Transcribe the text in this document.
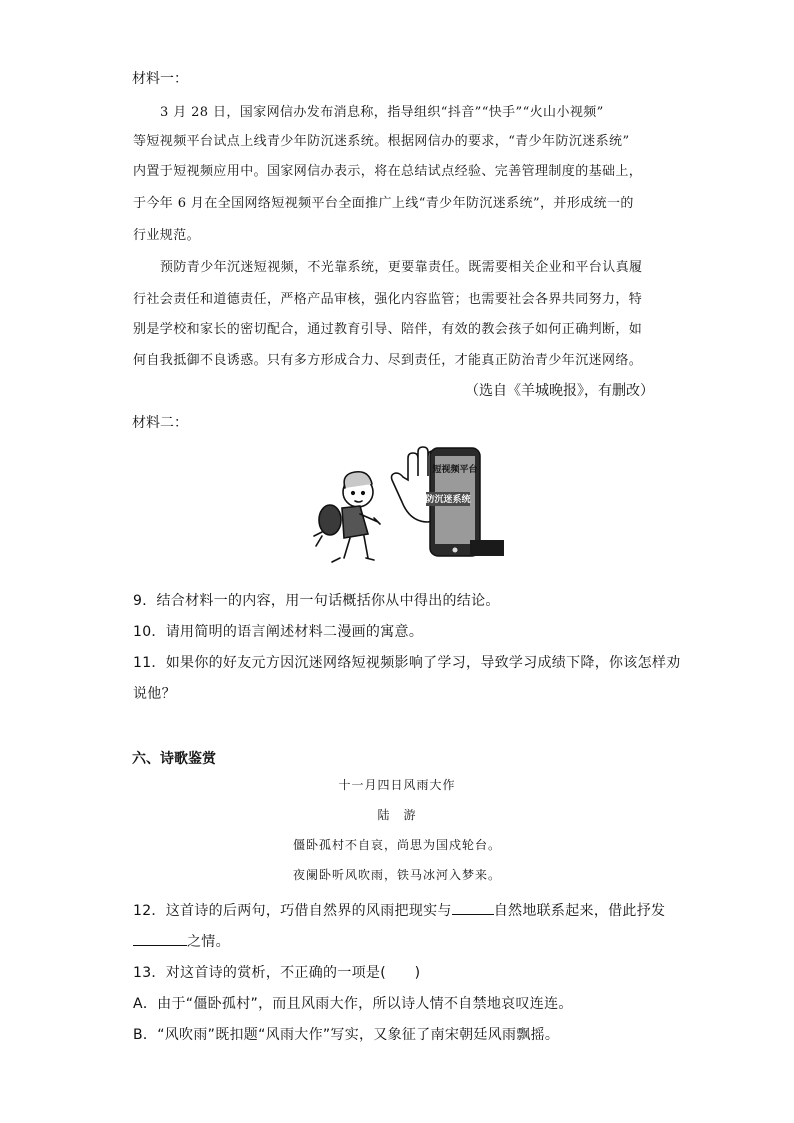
材料一：
3 月 28 日，国家网信办发布消息称，指导组织“抖音”“快手”“火山小视频”
等短视频平台试点上线青少年防沉迷系统。根据网信办的要求，“青少年防沉迷系统”
内置于短视频应用中。国家网信办表示，将在总结试点经验、完善管理制度的基础上，
于今年 6 月在全国网络短视频平台全面推广上线“青少年防沉迷系统”，并形成统一的
行业规范。
预防青少年沉迷短视频，不光靠系统，更要靠责任。既需要相关企业和平台认真履
行社会责任和道德责任，严格产品审核，强化内容监管；也需要社会各界共同努力，特
别是学校和家长的密切配合，通过教育引导、陪伴，有效的教会孩子如何正确判断，如
何自我抵御不良诱惑。只有多方形成合力、尽到责任，才能真正防治青少年沉迷网络。
（选自《羊城晚报》，有删改）
材料二：
短视频平台
防沉迷系统
9．结合材料一的内容，用一句话概括你从中得出的结论。
10．请用简明的语言阐述材料二漫画的寓意。
11．如果你的好友元方因沉迷网络短视频影响了学习，导致学习成绩下降，你该怎样劝
说他？
六、诗歌鉴赏
十一月四日风雨大作
陆　游
僵卧孤村不自哀，尚思为国戍轮台。
夜阑卧听风吹雨，铁马冰河入梦来。
12．这首诗的后两句，巧借自然界的风雨把现实与	自然地联系起来，借此抒发
之情。
13．对这首诗的赏析，不正确的一项是(　　)
A．由于“僵卧孤村”，而且风雨大作，所以诗人情不自禁地哀叹连连。
B．“风吹雨”既扣题“风雨大作”写实，又象征了南宋朝廷风雨飘摇。
